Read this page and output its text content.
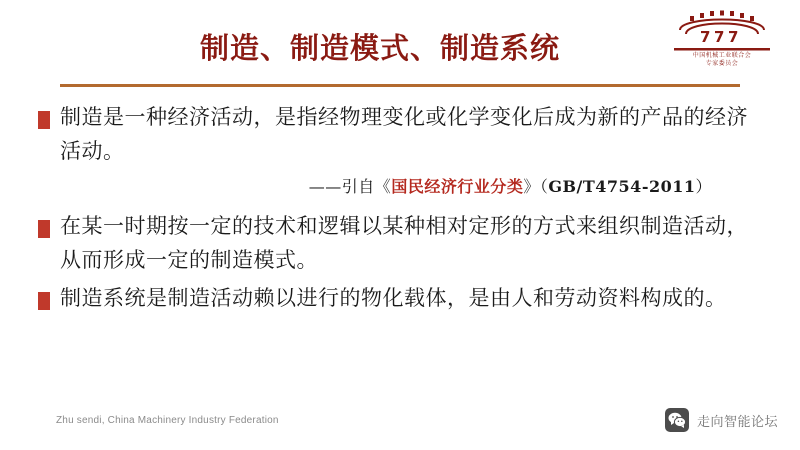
制造、制造模式、制造系统	7 7 7
中国机械工业联合会
专家委员会
制造是一种经济活动，是指经物理变化或化学变化后成为新的产品的经济活动。
——引自《国民经济行业分类》（GB/T4754-2011）
在某一时期按一定的技术和逻辑以某种相对定形的方式来组织制造活动，从而形成一定的制造模式。
制造系统是制造活动赖以进行的物化载体，是由人和劳动资料构成的。
Zhu sendi, China Machinery Industry Federation	走向智能论坛
